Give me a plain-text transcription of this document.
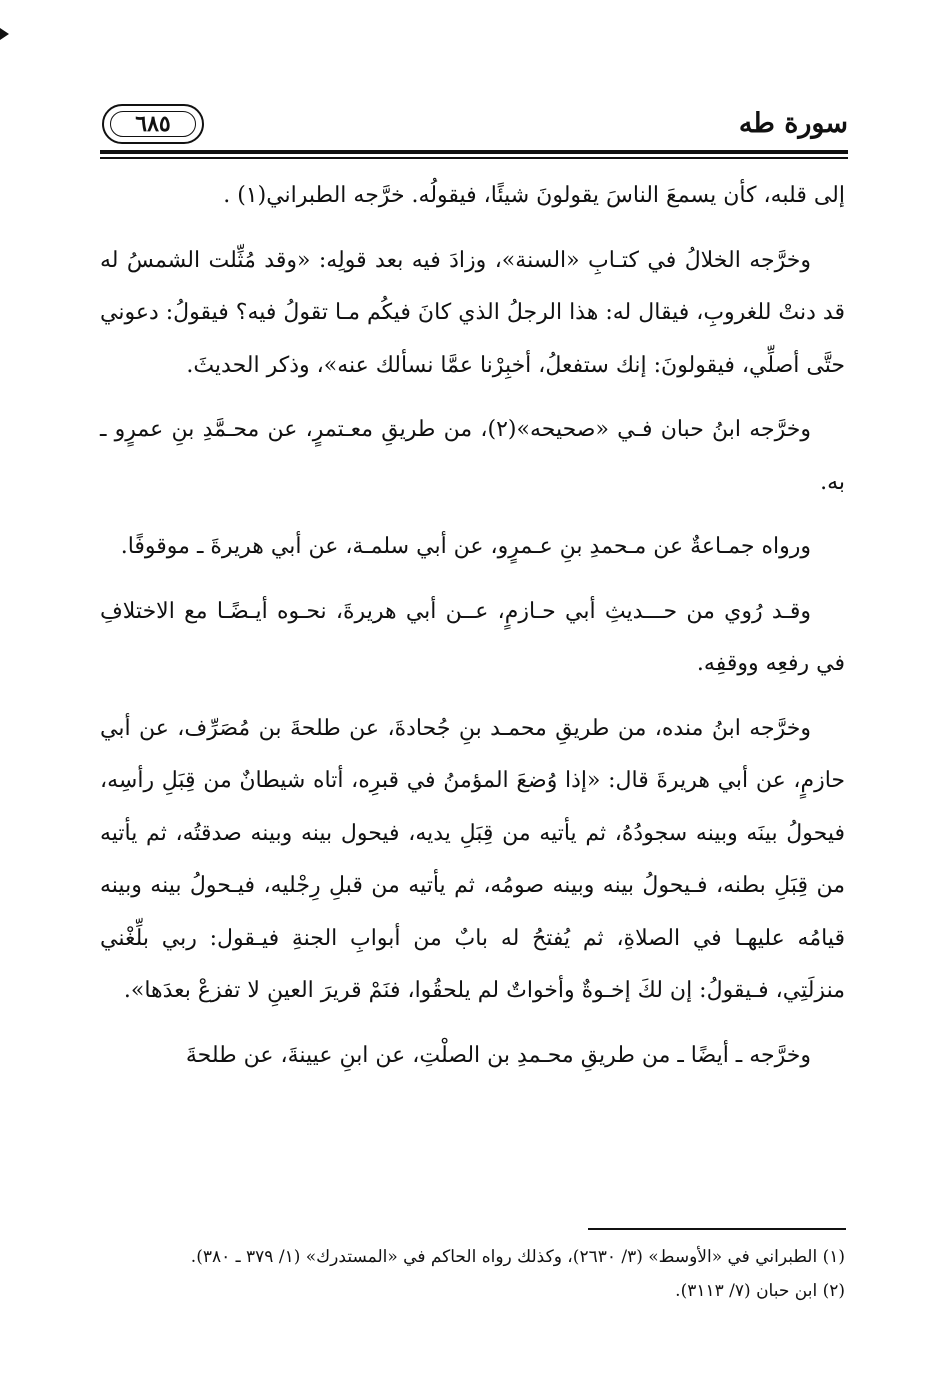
٦٨٥	سورة طه

إلى قلبه، كأن يسمعَ الناسَ يقولونَ شيئًا، فيقولُه. خرَّجه الطبراني(١) .

وخرَّجه الخلالُ في كتـابِ «السنة»، وزادَ فيه بعد قولِه: «وقد مُثِّلت الشمسُ له قد دنتْ للغروبِ، فيقال له: هذا الرجلُ الذي كانَ فيكُم مـا تقولُ فيه؟ فيقولُ: دعوني حتَّى أصلِّي، فيقولونَ: إنك ستفعلُ، أخبِرْنا عمَّا نسألك عنه»، وذكر الحديثَ.

وخرَّجه ابنُ حبان فـي «صحيحه»(٢)، من طريقِ معـتمرٍ، عن محـمَّدِ بنِ عمرٍو ـ به.

ورواه جمـاعةٌ عن مـحمدِ بنِ عـمرٍو، عن أبي سلمـة، عن أبي هريرةَ ـ موقوفًا.

وقـد رُوي من حـــديثِ أبي حـازمٍ، عــن أبي هريرةَ، نحـوه أيـضًـا مع الاختلافِ في رفعِه ووقفِه.

وخرَّجه ابنُ منده، من طريقِ محمـد بنِ جُحادةَ، عن طلحةَ بن مُصَرِّف، عن أبي حازمٍ، عن أبي هريرةَ قال: «إذا وُضعَ المؤمنُ في قبرِه، أتاه شيطانٌ من قِبَلِ رأسِه، فيحولُ بينَه وبينه سجودُهُ، ثم يأتيه من قِبَلِ يديه، فيحول بينه وبينه صدقتُه، ثم يأتيه من قِبَلِ بطنه، فـيحولُ بينه وبينه صومُه، ثم يأتيه من قبلِ رِجْليه، فيـحولُ بينه وبينه قيامُه عليهـا في الصلاةِ، ثم يُفتحُ له بابٌ من أبوابِ الجنةِ فيـقول: ربي بلِّغْني منزلَتِي، فـيقولُ: إن لكَ إخـوةٌ وأخواتٌ لم يلحقُوا، فنَمْ قريرَ العينِ لا تفزعْ بعدَها».

وخرَّجه ـ أيضًا ـ من طريقِ محـمدِ بن الصلْتِ، عن ابنِ عيينةَ، عن طلحةَ

(١) الطبراني في «الأوسط» (٣/ ٢٦٣٠)، وكذلك رواه الحاكم في «المستدرك» (١/ ٣٧٩ ـ ٣٨٠).

(٢) ابن حبان (٧/ ٣١١٣).
